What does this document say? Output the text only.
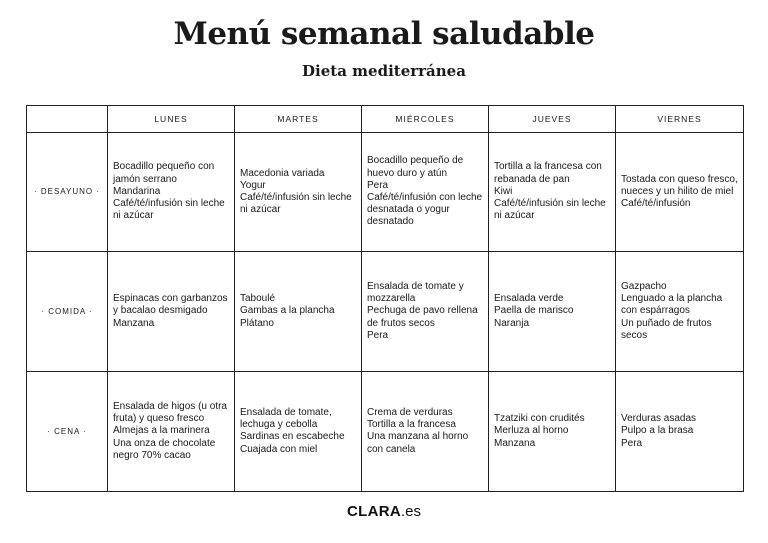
Menú semanal saludable
Dieta mediterránea
	LUNES	MARTES	MIÉRCOLES	JUEVES	VIERNES
· DESAYUNO ·	Bocadillo pequeño con jamón serrano
Mandarina
Café/té/infusión sin leche ni azúcar	Macedonia variada
Yogur
Café/té/infusión sin leche ni azúcar	Bocadillo pequeño de huevo duro y atún
Pera
Café/té/infusión con leche desnatada o yogur desnatado	Tortilla a la francesa con rebanada de pan
Kiwi
Café/té/infusión sin leche ni azúcar	Tostada con queso fresco, nueces y un hilito de miel
Café/té/infusión

· COMIDA ·	Espinacas con garbanzos y bacalao desmigado
Manzana	Taboulé
Gambas a la plancha
Plátano	Ensalada de tomate y mozzarella
Pechuga de pavo rellena de frutos secos
Pera	Ensalada verde
Paella de marisco
Naranja	Gazpacho
Lenguado a la plancha con espárragos
Un puñado de frutos secos

· CENA ·	Ensalada de higos (u otra fruta) y queso fresco
Almejas a la marinera
Una onza de chocolate negro 70% cacao	Ensalada de tomate, lechuga y cebolla
Sardinas en escabeche
Cuajada con miel	Crema de verduras
Tortilla a la francesa
Una manzana al horno con canela	Tzatziki con crudités
Merluza al horno
Manzana	Verduras asadas
Pulpo a la brasa
Pera
CLARA.es
